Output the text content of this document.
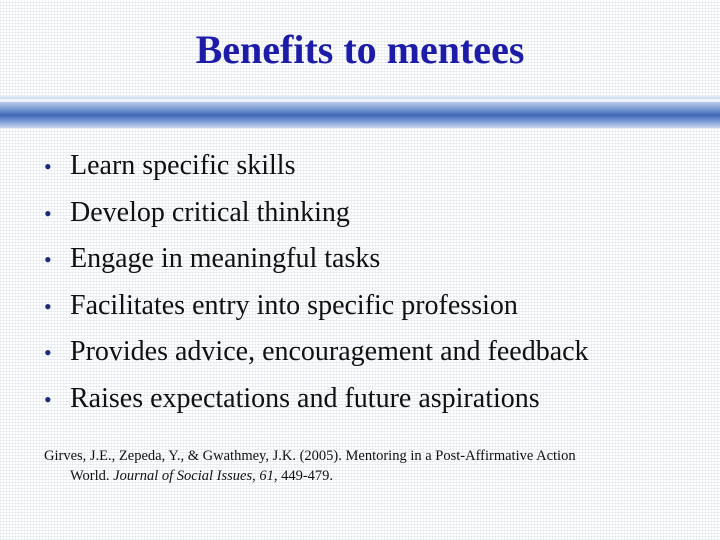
Benefits to mentees
• Learn specific skills
• Develop critical thinking
• Engage in meaningful tasks
• Facilitates entry into specific profession
• Provides advice, encouragement and feedback
• Raises expectations and future aspirations
Girves, J.E., Zepeda, Y., & Gwathmey, J.K. (2005). Mentoring in a Post-Affirmative Action
World. Journal of Social Issues, 61, 449-479.
